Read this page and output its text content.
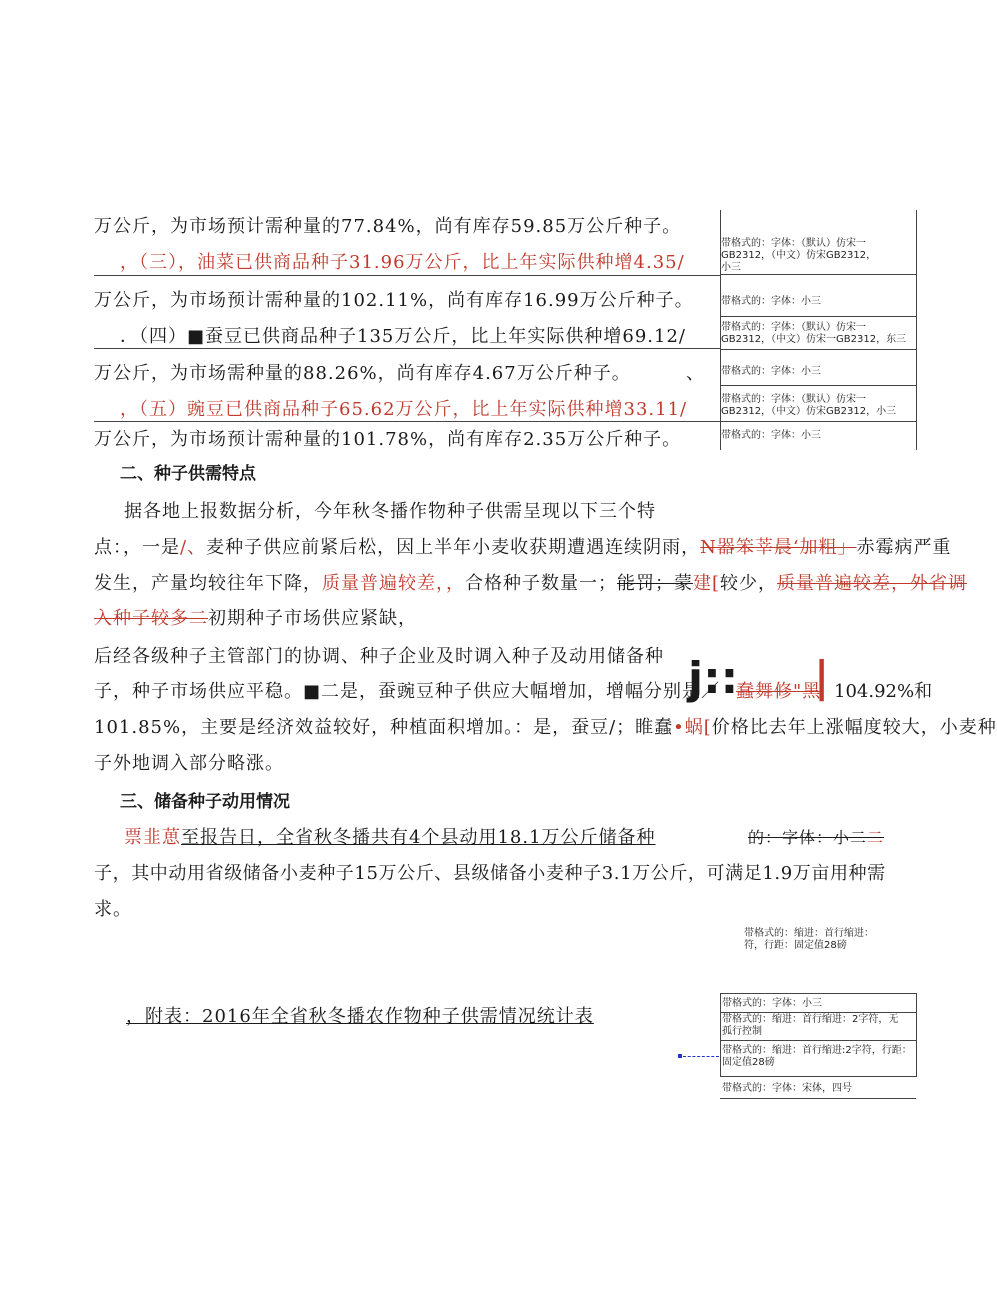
万公斤，为市场预计需种量的77.84%，尚有库存59.85万公斤种子。
，（三），油菜已供商品种子31.96万公斤，比上年实际供种增4.35/
万公斤，为市场预计需种量的102.11%，尚有库存16.99万公斤种子。
．（四）■蚕豆已供商品种子135万公斤，比上年实际供种增69.12/
万公斤，为市场需种量的88.26%，尚有库存4.67万公斤种子。	、
，（五）豌豆已供商品种子65.62万公斤，比上年实际供种增33.11/
万公斤，为市场预计需种量的101.78%，尚有库存2.35万公斤种子。
二、种子供需特点
据各地上报数据分析，今年秋冬播作物种子供需呈现以下三个特
点：，一是/、麦种子供应前紧后松，因上半年小麦收获期遭遇连续阴雨，N器笨莘晨‘加粗」赤霉病严重
发生，产量均较往年下降，质量普遍较差，，合格种子数量一；能罚；蒙建[较少，质量普遍较差，外省调
入种子较多二初期种子市场供应紧缺，
后经各级种子主管部门的协调、种子企业及时调入种子及动用储备种
子，种子市场供应平稳。■二是，蚕豌豆种子供应大幅增加，增幅分别是／
j::
蠢舞修"黑
| 104.92%和
101.85%，主要是经济效益较好，种植面积增加。：是，蚕豆/；睢蠢•蜗[价格比去年上涨幅度较大，小麦种
子外地调入部分略涨。
三、储备种子动用情况
票韭葸至报告日，全省秋冬播共有4个县动用18.1万公斤储备种	的：字体：小二二
子，其中动用省级储备小麦种子15万公斤、县级储备小麦种子3.1万公斤，可满足1.9万亩用种需
求。
，附表：2016年全省秋冬播农作物种子供需情况统计表
带格式的：字体：（默认）仿宋一
GB2312，（中文）仿宋GB2312，
小三
带格式的：字体：小三
带格式的：字体：（默认）仿宋一
GB2312，（中文）仿宋一GB2312，东三
带格式的：字体：小三
带格式的：字体：（默认）仿宋一
GB2312，（中文）仿宋GB2312，小三
带格式的：字体：小三
带格式的：缩进：首行缩进：
符，行距：固定值28磅
带格式的：字体：小三
带格式的：缩进：首行缩进：2字符，无
孤行控制
带格式的：缩进：首行缩进:2字符，行距：
固定值28磅
带格式的：字体：宋体，四号
